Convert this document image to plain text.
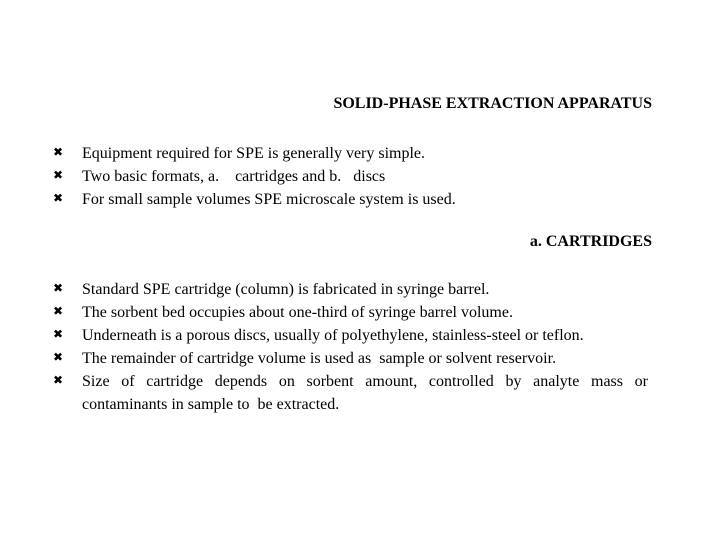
SOLID-PHASE EXTRACTION APPARATUS
✖ Equipment required for SPE is generally very simple.
✖ Two basic formats, a.    cartridges and b.   discs
✖ For small sample volumes SPE microscale system is used.
a. CARTRIDGES
✖ Standard SPE cartridge (column) is fabricated in syringe barrel.
✖ The sorbent bed occupies about one-third of syringe barrel volume.
✖ Underneath is a porous discs, usually of polyethylene, stainless-steel or teflon.
✖ The remainder of cartridge volume is used as  sample or solvent reservoir.
✖ Size of cartridge depends on sorbent amount, controlled by analyte mass or contaminants in sample to  be extracted.
